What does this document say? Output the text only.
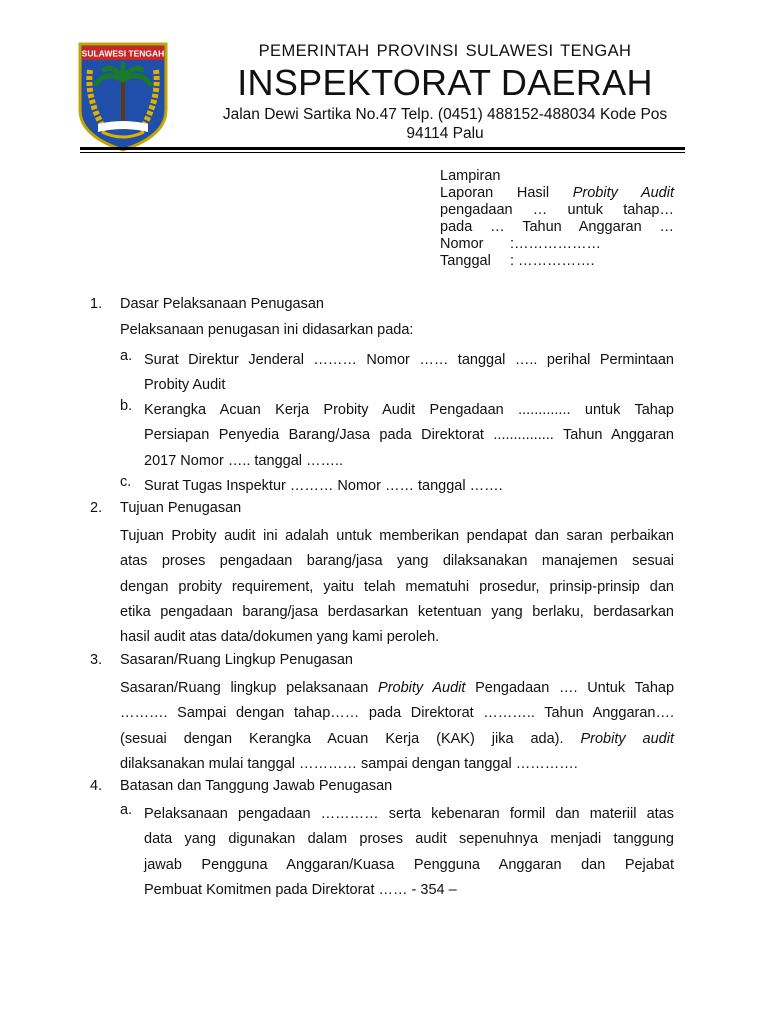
SULAWESI TENGAH	PEMERINTAH PROVINSI SULAWESI TENGAH
INSPEKTORAT DAERAH
Jalan Dewi Sartika No.47 Telp. (0451) 488152-488034 Kode Pos
94114 Palu
Lampiran
Laporan Hasil Probity Audit
pengadaan … untuk tahap…
pada … Tahun Anggaran …
Nomor :………………
Tanggal : …………….
1. Dasar Pelaksanaan Penugasan
Pelaksanaan penugasan ini didasarkan pada:
a. Surat Direktur Jenderal ……… Nomor …… tanggal ….. perihal Permintaan
Probity Audit
b. Kerangka Acuan Kerja Probity Audit Pengadaan ............. untuk Tahap
Persiapan Penyedia Barang/Jasa pada Direktorat ............... Tahun Anggaran
2017 Nomor ….. tanggal ……..
c. Surat Tugas Inspektur ……… Nomor …… tanggal …….
2. Tujuan Penugasan
Tujuan Probity audit ini adalah untuk memberikan pendapat dan saran perbaikan
atas proses pengadaan barang/jasa yang dilaksanakan manajemen sesuai
dengan probity requirement, yaitu telah mematuhi prosedur, prinsip-prinsip dan
etika pengadaan barang/jasa berdasarkan ketentuan yang berlaku, berdasarkan
hasil audit atas data/dokumen yang kami peroleh.
3. Sasaran/Ruang Lingkup Penugasan
Sasaran/Ruang lingkup pelaksanaan Probity Audit Pengadaan …. Untuk Tahap
………. Sampai dengan tahap…… pada Direktorat ……….. Tahun Anggaran….
(sesuai dengan Kerangka Acuan Kerja (KAK) jika ada). Probity audit
dilaksanakan mulai tanggal ………… sampai dengan tanggal ………….
4. Batasan dan Tanggung Jawab Penugasan
a. Pelaksanaan pengadaan ………… serta kebenaran formil dan materiil atas
data yang digunakan dalam proses audit sepenuhnya menjadi tanggung
jawab Pengguna Anggaran/Kuasa Pengguna Anggaran dan Pejabat
Pembuat Komitmen pada Direktorat …… - 354 –
